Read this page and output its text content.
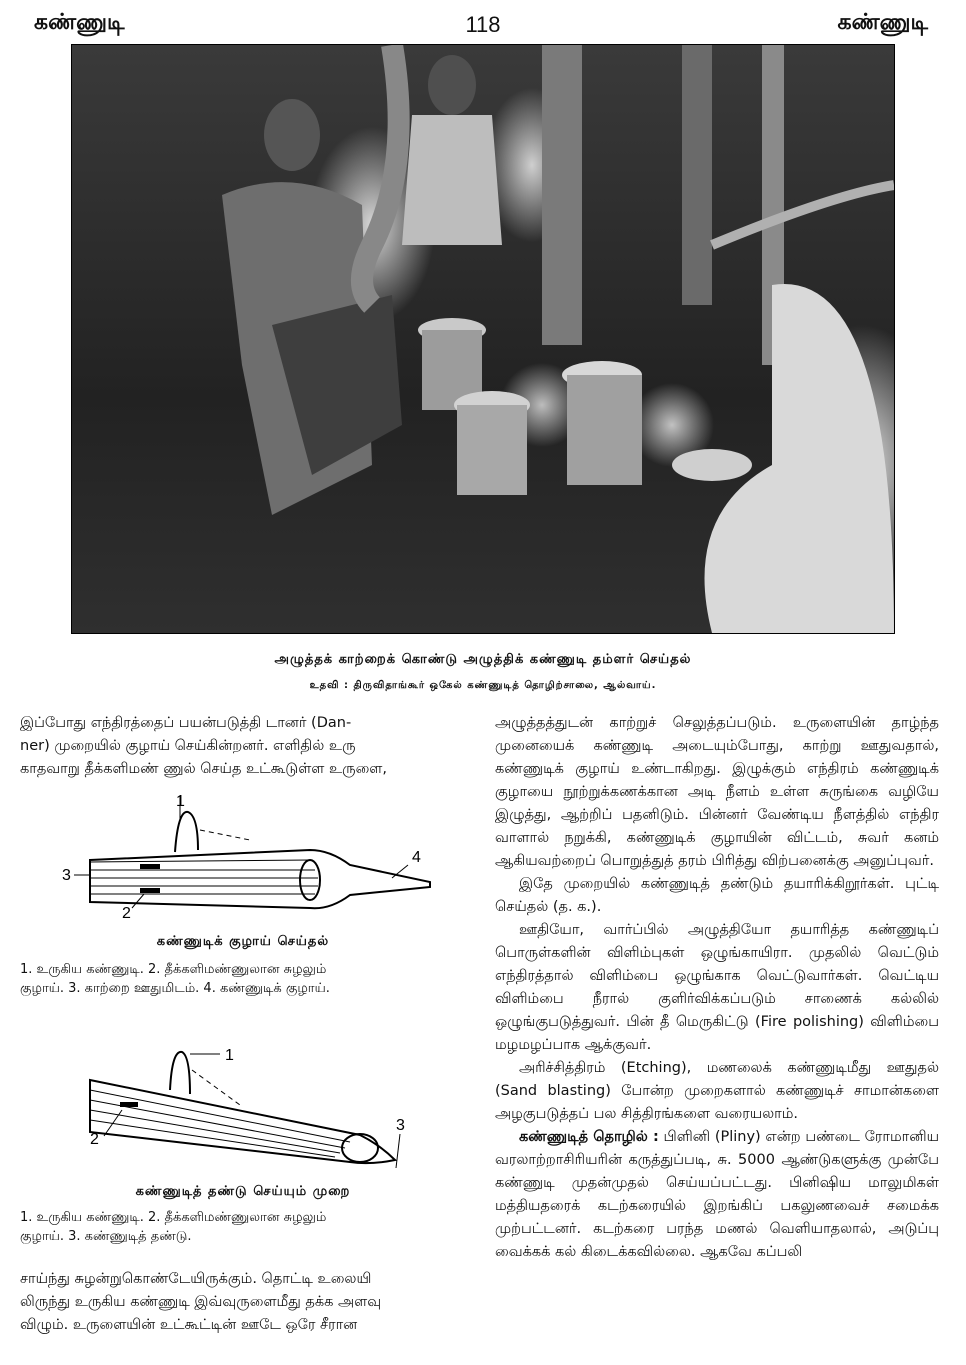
கண்ணுடி	118	கண்ணுடி
அழுத்தக் காற்றைக் கொண்டு அழுத்திக் கண்ணுடி தம்ளர் செய்தல்
உதவி : திருவிதாங்கூர் ஒகேல் கண்ணுடித் தொழிற்சாலை, ஆல்வாய்.

இப்போது எந்திரத்தைப் பயன்படுத்தி டானர் (Dan-

ner) முறையில் குழாய் செய்கின்றனர். எளிதில் உரு

காதவாறு தீக்களிமண் ணுல் செய்த உட்கூடுள்ள உருளை,

1
2
3
4
கண்ணுடிக் குழாய் செய்தல்
1. உருகிய கண்ணுடி. 2. தீக்களிமண்ணுலான சுழலும்
குழாய். 3. காற்றை ஊதுமிடம். 4. கண்ணுடிக் குழாய்.
1
2
3
கண்ணுடித் தண்டு செய்யும் முறை
1. உருகிய கண்ணுடி. 2. தீக்களிமண்ணுலான சுழலும்
குழாய். 3. கண்ணுடித் தண்டு.

சாய்ந்து சுழன்றுகொண்டேயிருக்கும். தொட்டி உலையி

லிருந்து உருகிய கண்ணுடி இவ்வுருளைமீது தக்க அளவு

விழும். உருளையின் உட்கூட்டின் ஊடே ஒரே சீரான

அழுத்தத்துடன் காற்றுச் செலுத்தப்படும். உருளையின் தாழ்ந்த முனையைக் கண்ணுடி அடையும்போது, காற்று ஊதுவதால், கண்ணுடிக் குழாய் உண்டாகிறது. இழுக்கும் எந்திரம் கண்ணுடிக் குழாயை நூற்றுக்கணக்கான அடி நீளம் உள்ள சுருங்கை வழியே இழுத்து, ஆற்றிப் பதனிடும். பின்னர் வேண்டிய நீளத்தில் எந்திர வாளால் நறுக்கி, கண்ணுடிக் குழாயின் விட்டம், சுவர் கனம் ஆகியவற்றைப் பொறுத்துத் தரம் பிரித்து விற்பனைக்கு அனுப்புவர்.

இதே முறையில் கண்ணுடித் தண்டும் தயாரிக்கிறூர்கள். புட்டி செய்தல் (த. க.).

ஊதியோ, வார்ப்பில் அழுத்தியோ தயாரித்த கண்ணுடிப் பொருள்களின் விளிம்புகள் ஒழுங்காயிரா. முதலில் வெட்டும் எந்திரத்தால் விளிம்பை ஒழுங்காக வெட்டுவார்கள். வெட்டிய விளிம்பை நீரால் குளிர்விக்கப்படும் சாணைக் கல்லில் ஒழுங்குபடுத்துவர். பின் தீ மெருகிட்டு (Fire polishing) விளிம்பை மழமழப்பாக ஆக்குவர்.

அரிச்சித்திரம் (Etching), மணலைக் கண்ணுடிமீது ஊதுதல் (Sand blasting) போன்ற முறைகளால் கண்ணுடிச் சாமான்களை அழகுபடுத்தப் பல சித்திரங்களை வரையலாம்.

கண்ணுடித் தொழில் : பிளினி (Pliny) என்ற பண்டை ரோமானிய வரலாற்றாசிரியரின் கருத்துப்படி, சு. 5000 ஆண்டுகளுக்கு முன்பே கண்ணுடி முதன்முதல் செய்யப்பட்டது. பினிஷிய மாலுமிகள் மத்தியதரைக் கடற்கரையில் இறங்கிப் பகலுணவைச் சமைக்க முற்பட்டனர். கடற்கரை பரந்த மணல் வெளியாதலால், அடுப்பு வைக்கக் கல் கிடைக்கவில்லை. ஆகவே கப்பலி
